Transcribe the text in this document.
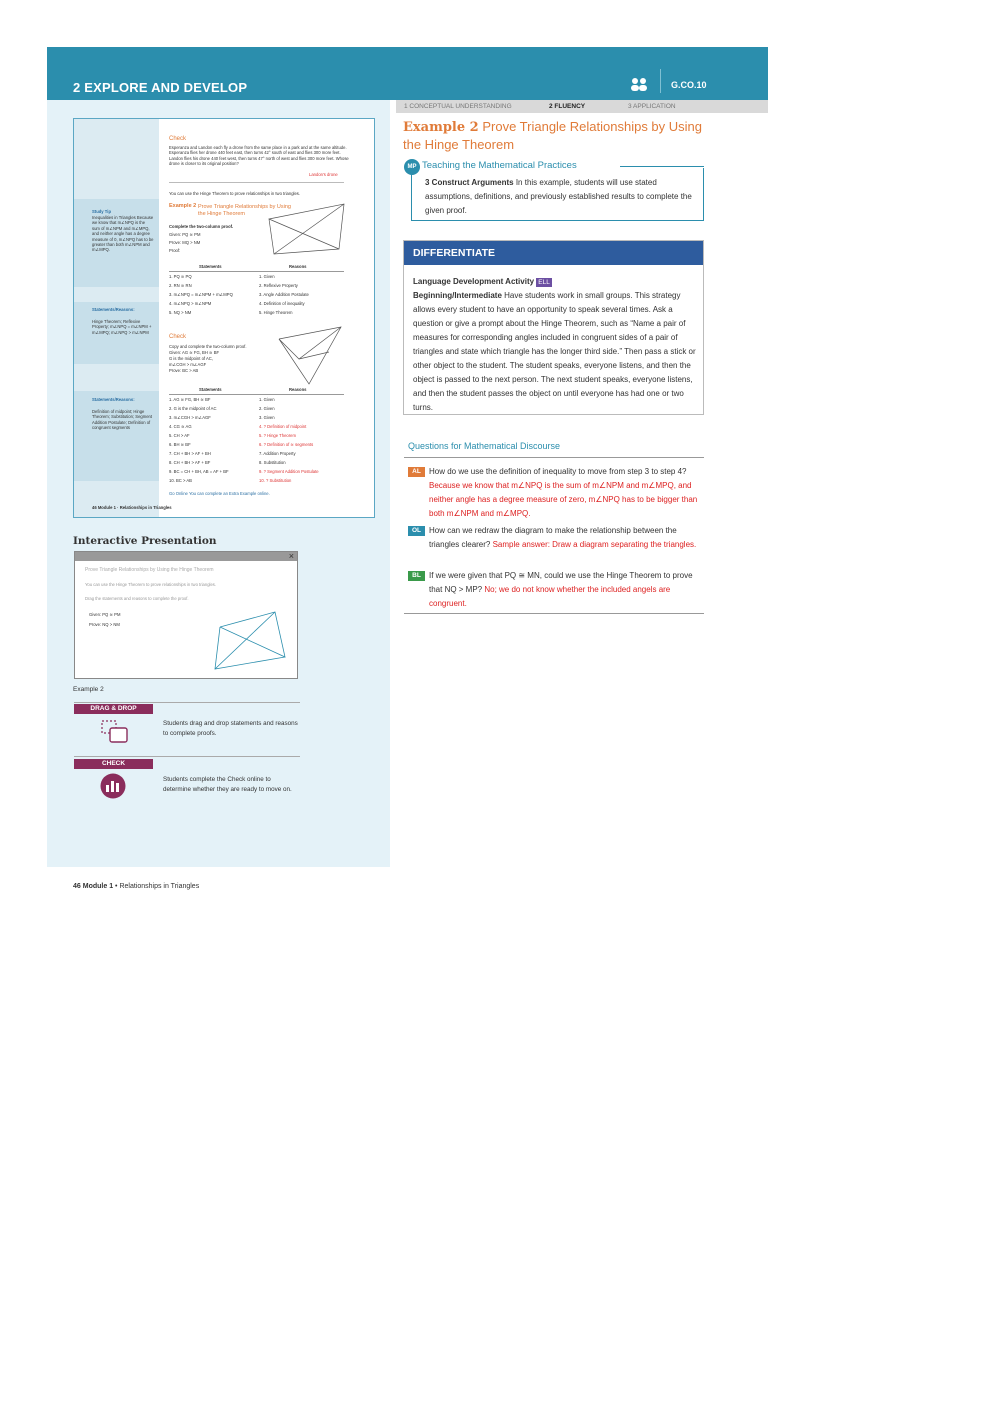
2 EXPLORE AND DEVELOP	G.CO.10
1 CONCEPTUAL UNDERSTANDING	2 FLUENCY	3 APPLICATION
Check
Esperanza and Landon each fly a drone from the same place in a park and at the same altitude. Esperanza flies her drone 440 feet east, then turns 42° south of east and flies 300 more feet. Landon flies his drone 440 feet west, then turns 47° north of west and flies 300 more feet. Whose drone is closer to its original position?
Landon's drone
You can use the Hinge Theorem to prove relationships in two triangles.
Example 2 Prove Triangle Relationships by Using the Hinge Theorem
Complete the two-column proof.
Given: PQ ≅ PM
Prove: MQ > NM
Proof:
Statements	Reasons
1. PQ ≅ PQ	1. Given
2. RN ≅ RN	2. Reflexive Property
3. m∠NPQ = m∠NPM + m∠MPQ	3. Angle Addition Postulate
4. m∠NPQ > m∠NPM	4. Definition of inequality
5. NQ > NM	5. Hinge Theorem
Check
Copy and complete the two-column proof.
Given: AG ≅ FG, BH ≅ BF
G is the midpoint of AC,
m∠CGH > m∠AGF
Prove: BC > AB
Statements	Reasons
1. AG ≅ FG, BH ≅ BF	1. Given
2. G is the midpoint of AC	2. Given
3. m∠CGH > m∠AGF	3. Given
4. CG ≅ AG	4. ? Definition of midpoint
5. CH > AF	5. ? Hinge Theorem
6. BH ≅ BF	6. ? Definition of ≅ segments
7. CH + BH > AF + BH	7. Addition Property
8. CH + BH > AF + BF	8. Substitution
9. BC = CH + BH, AB = AF + BF	9. ? Segment Addition Postulate
10. BC > AB	10. ? Substitution
Go Online You can complete an Extra Example online.
46 Module 1 · Relationships in Triangles
Study Tip
Inequalities in Triangles Because we know that m∠NPQ is the sum of m∠NPM and m∠MPQ, and neither angle has a degree measure of 0, m∠NPQ has to be greater than both m∠NPM and m∠MPQ.
Statements/Reasons:
Hinge Theorem; Reflexive Property; m∠NPQ = m∠NPM + m∠MPQ; m∠NPQ > m∠NPM
Statements/Reasons:
Definition of midpoint; Hinge Theorem; Substitution; Segment Addition Postulate; Definition of congruent segments
Interactive Presentation
×
Prove Triangle Relationships by Using the Hinge Theorem
You can use the Hinge Theorem to prove relationships in two triangles.
Drag the statements and reasons to complete the proof.
Given: PQ ≅ PM
Prove: NQ > NM
Example 2
DRAG & DROP
Students drag and drop statements and reasons to complete proofs.
CHECK
Students complete the Check online to determine whether they are ready to move on.
46 Module 1 • Relationships in Triangles
Example 2 Prove Triangle Relationships by Using the Hinge Theorem
MP Teaching the Mathematical Practices
3 Construct Arguments In this example, students will use stated assumptions, definitions, and previously established results to complete the given proof.
DIFFERENTIATE
Language Development Activity ELL
Beginning/Intermediate Have students work in small groups. This strategy allows every student to have an opportunity to speak several times. Ask a question or give a prompt about the Hinge Theorem, such as “Name a pair of measures for corresponding angles included in congruent sides of a pair of triangles and state which triangle has the longer third side.” Then pass a stick or other object to the student. The student speaks, everyone listens, and then the object is passed to the next person. The next student speaks, everyone listens, and then the student passes the object on until everyone has had one or two turns.
Questions for Mathematical Discourse
AL	How do we use the definition of inequality to move from step 3 to step 4? Because we know that m∠NPQ is the sum of m∠NPM and m∠MPQ, and neither angle has a degree measure of zero, m∠NPQ has to be bigger than both m∠NPM and m∠MPQ.
OL How can we redraw the diagram to make the relationship between the triangles clearer? Sample answer: Draw a diagram separating the triangles.
BL	If we were given that PQ ≅ MN, could we use the Hinge Theorem to prove that NQ > MP? No; we do not know whether the included angels are congruent.
